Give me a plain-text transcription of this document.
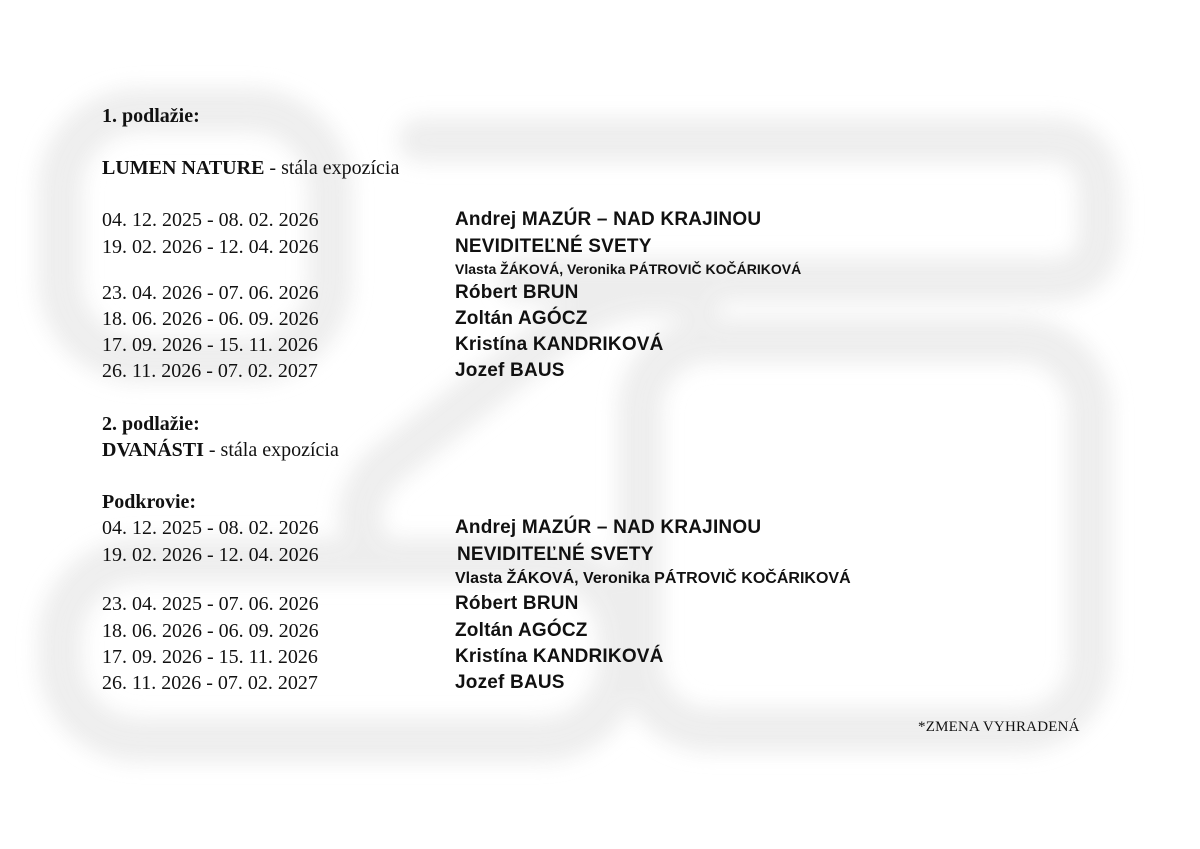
1. podlažie:
LUMEN NATURE - stála expozícia
04. 12. 2025 - 08. 02. 2026	Andrej MAZÚR – NAD KRAJINOU
19. 02. 2026 - 12. 04. 2026	NEVIDITEĽNÉ SVETY
Vlasta ŽÁKOVÁ, Veronika PÁTROVIČ KOČÁRIKOVÁ
23. 04. 2026 - 07. 06. 2026	Róbert BRUN
18. 06. 2026 - 06. 09. 2026	Zoltán AGÓCZ
17. 09. 2026 - 15. 11. 2026	Kristína KANDRIKOVÁ
26. 11. 2026 - 07. 02. 2027	Jozef BAUS
2. podlažie:
DVANÁSTI - stála expozícia
Podkrovie:
04. 12. 2025 - 08. 02. 2026	Andrej MAZÚR – NAD KRAJINOU
19. 02. 2026 - 12. 04. 2026	NEVIDITEĽNÉ SVETY
Vlasta ŽÁKOVÁ, Veronika PÁTROVIČ KOČÁRIKOVÁ
23. 04. 2025 - 07. 06. 2026	Róbert BRUN
18. 06. 2026 - 06. 09. 2026	Zoltán AGÓCZ
17. 09. 2026 - 15. 11. 2026	Kristína KANDRIKOVÁ
26. 11. 2026 - 07. 02. 2027	Jozef BAUS
*ZMENA VYHRADENÁ
